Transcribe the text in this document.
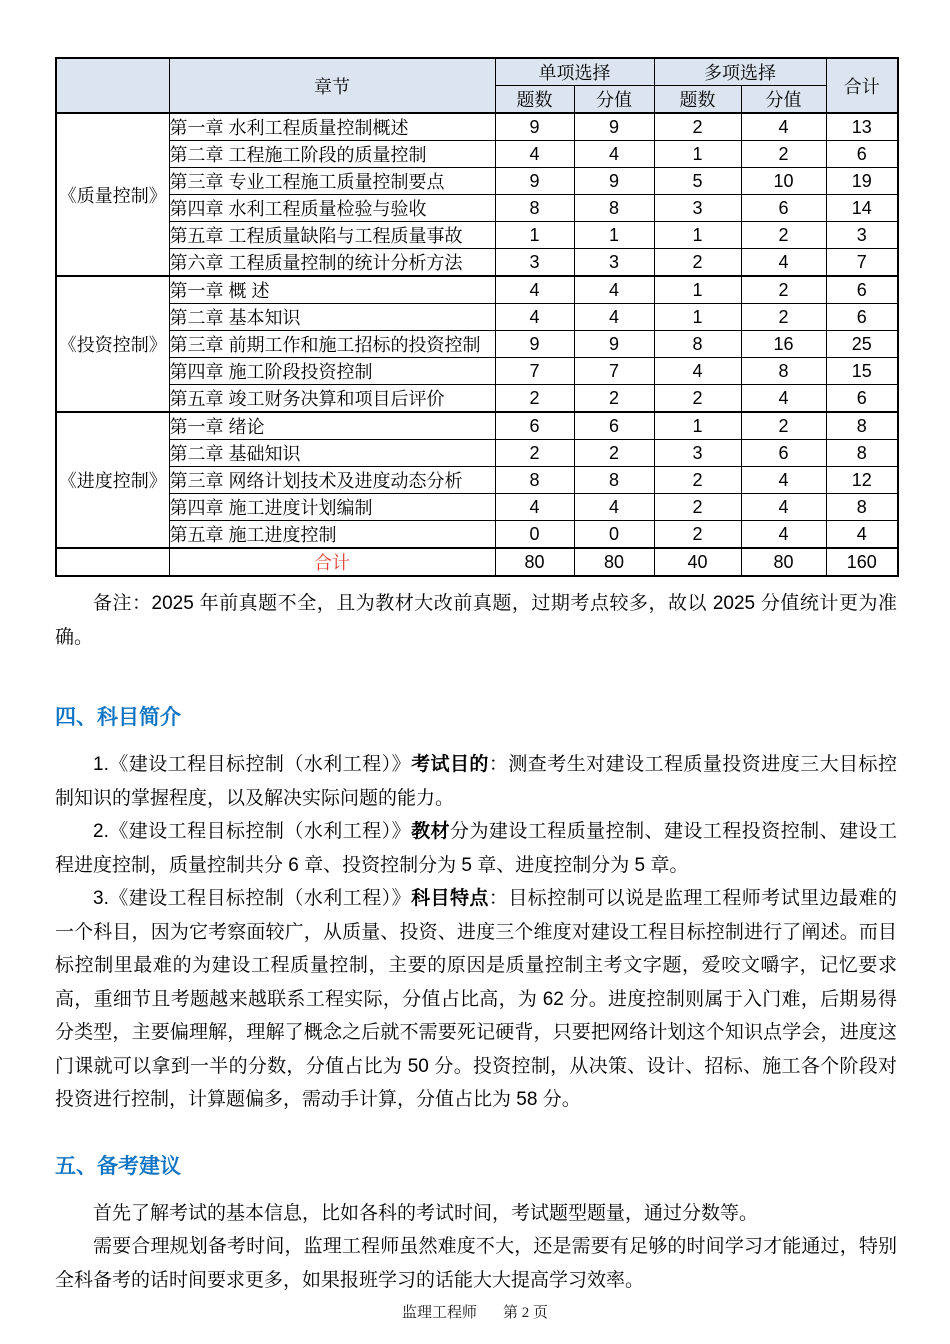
	章节	单项选择		多项选择		合计
		题数	分值	题数	分值	
《质量控制》	第一章 水利工程质量控制概述	9	9	2	4	13
	第二章 工程施工阶段的质量控制	4	4	1	2	6
	第三章 专业工程施工质量控制要点	9	9	5	10	19
	第四章 水利工程质量检验与验收	8	8	3	6	14
	第五章 工程质量缺陷与工程质量事故	1	1	1	2	3
	第六章 工程质量控制的统计分析方法	3	3	2	4	7
《投资控制》	第一章 概 述	4	4	1	2	6
	第二章 基本知识	4	4	1	2	6
	第三章 前期工作和施工招标的投资控制	9	9	8	16	25
	第四章 施工阶段投资控制	7	7	4	8	15
	第五章 竣工财务决算和项目后评价	2	2	2	4	6
《进度控制》	第一章 绪论	6	6	1	2	8
	第二章 基础知识	2	2	3	6	8
	第三章 网络计划技术及进度动态分析	8	8	2	4	12
	第四章 施工进度计划编制	4	4	2	4	8
	第五章 施工进度控制	0	0	2	4	4
	合计	80	80	40	80	160

备注：2025 年前真题不全，且为教材大改前真题，过期考点较多，故以 2025 分值统计更为准确。

四、科目简介

1.《建设工程目标控制（水利工程）》考试目的：测查考生对建设工程质量投资进度三大目标控制知识的掌握程度，以及解决实际问题的能力。

2.《建设工程目标控制（水利工程）》教材分为建设工程质量控制、建设工程投资控制、建设工程进度控制，质量控制共分 6 章、投资控制分为 5 章、进度控制分为 5 章。

3.《建设工程目标控制（水利工程）》科目特点：目标控制可以说是监理工程师考试里边最难的一个科目，因为它考察面较广，从质量、投资、进度三个维度对建设工程目标控制进行了阐述。而目标控制里最难的为建设工程质量控制，主要的原因是质量控制主考文字题，爱咬文嚼字，记忆要求高，重细节且考题越来越联系工程实际，分值占比高，为 62 分。进度控制则属于入门难，后期易得分类型，主要偏理解，理解了概念之后就不需要死记硬背，只要把网络计划这个知识点学会，进度这门课就可以拿到一半的分数，分值占比为 50 分。投资控制，从决策、设计、招标、施工各个阶段对投资进行控制，计算题偏多，需动手计算，分值占比为 58 分。

五、备考建议

首先了解考试的基本信息，比如各科的考试时间，考试题型题量，通过分数等。

需要合理规划备考时间，监理工程师虽然难度不大，还是需要有足够的时间学习才能通过，特别全科备考的话时间要求更多，如果报班学习的话能大大提高学习效率。

监理工程师 第 2 页
